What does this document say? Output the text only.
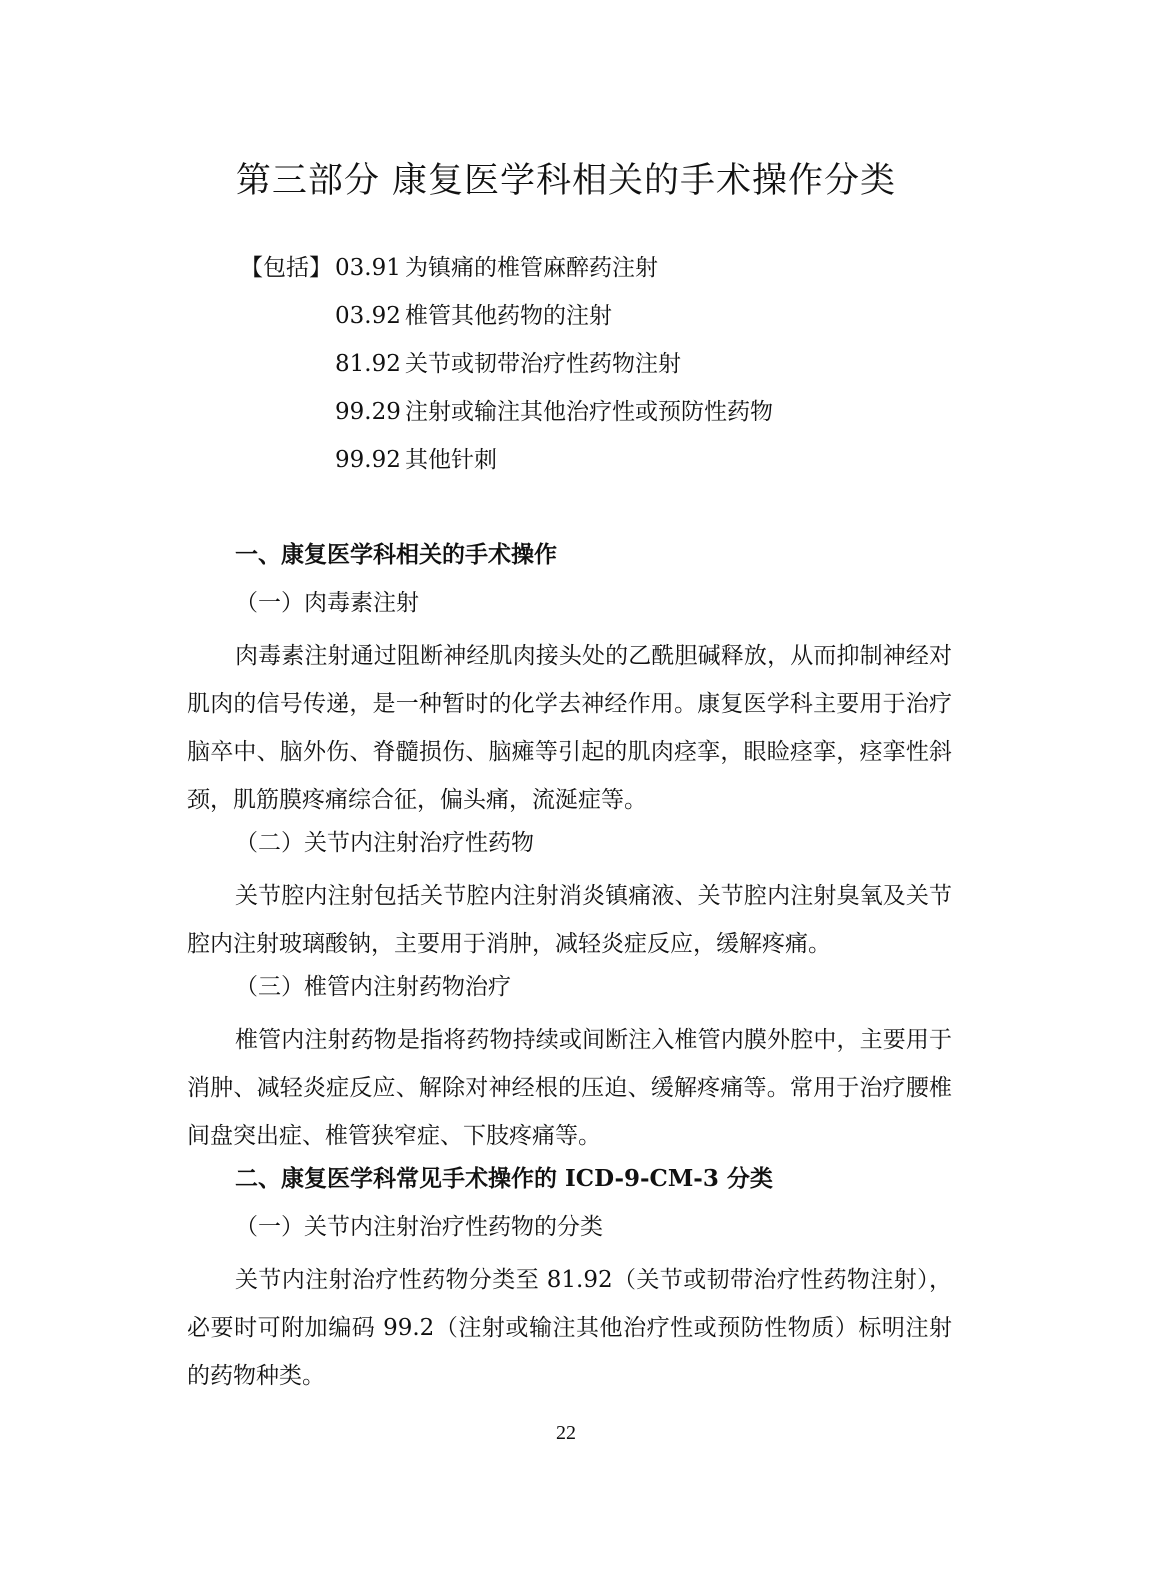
第三部分 康复医学科相关的手术操作分类
【包括】 03.91 为镇痛的椎管麻醉药注射
03.92 椎管其他药物的注射
81.92 关节或韧带治疗性药物注射
99.29 注射或输注其他治疗性或预防性药物
99.92 其他针刺
一、康复医学科相关的手术操作
（一）肉毒素注射

肉毒素注射通过阻断神经肌肉接头处的乙酰胆碱释放，从而抑制神经对肌肉的信号传递，是一种暂时的化学去神经作用。康复医学科主要用于治疗脑卒中、脑外伤、脊髓损伤、脑瘫等引起的肌肉痉挛，眼睑痉挛，痉挛性斜颈，肌筋膜疼痛综合征，偏头痛，流涎症等。

（二）关节内注射治疗性药物

关节腔内注射包括关节腔内注射消炎镇痛液、关节腔内注射臭氧及关节腔内注射玻璃酸钠，主要用于消肿，减轻炎症反应，缓解疼痛。

（三）椎管内注射药物治疗

椎管内注射药物是指将药物持续或间断注入椎管内膜外腔中，主要用于消肿、减轻炎症反应、解除对神经根的压迫、缓解疼痛等。常用于治疗腰椎间盘突出症、椎管狭窄症、下肢疼痛等。

二、康复医学科常见手术操作的 ICD-9-CM-3 分类
（一）关节内注射治疗性药物的分类

关节内注射治疗性药物分类至 81.92（关节或韧带治疗性药物注射），必要时可附加编码 99.2（注射或输注其他治疗性或预防性物质）标明注射的药物种类。

22
